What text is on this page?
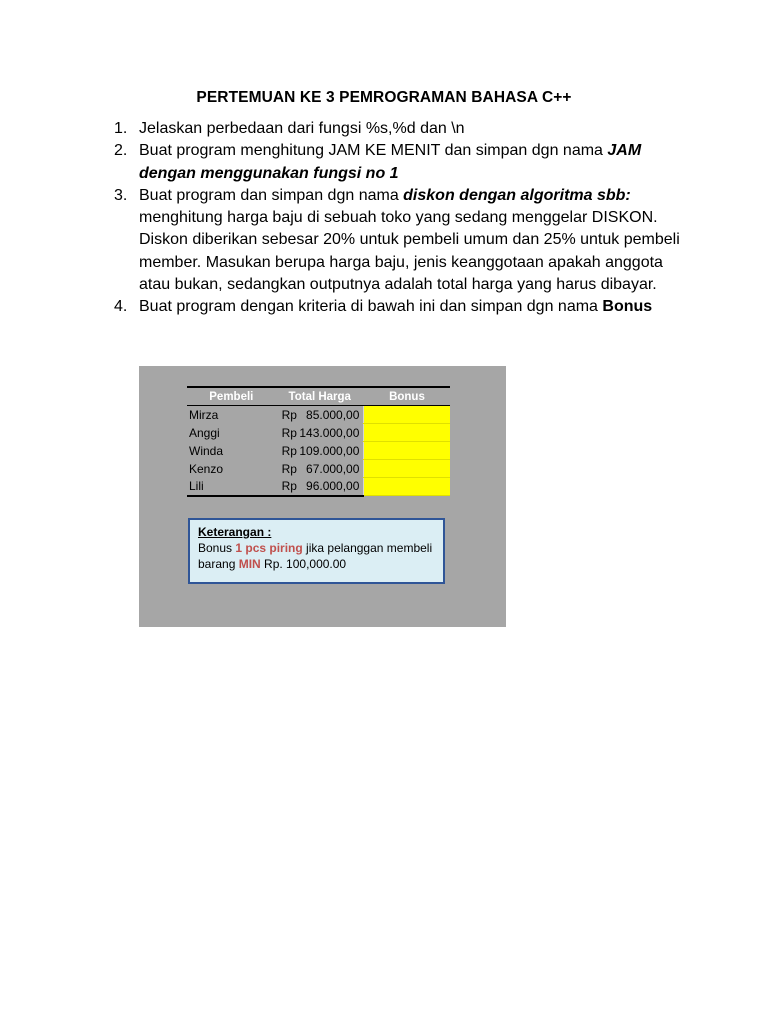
PERTEMUAN KE 3 PEMROGRAMAN BAHASA C++
1. Jelaskan perbedaan dari fungsi %s,%d dan \n
2. Buat program menghitung JAM KE MENIT dan simpan dgn nama JAM dengan menggunakan fungsi no 1
3. Buat program dan simpan dgn nama diskon dengan algoritma sbb: menghitung harga baju di sebuah toko yang sedang menggelar DISKON. Diskon diberikan sebesar 20% untuk pembeli umum dan 25% untuk pembeli member. Masukan berupa harga baju, jenis keanggotaan apakah anggota atau bukan, sedangkan outputnya adalah total harga yang harus dibayar.
4. Buat program dengan kriteria di bawah ini dan simpan dgn nama Bonus
Pembeli	Total Harga	Bonus
Mirza	Rp 85.000,00	

Anggi	Rp 143.000,00	

Winda	Rp 109.000,00	

Kenzo	Rp 67.000,00	

Lili	Rp 96.000,00	

Keterangan :
Bonus 1 pcs piring jika pelanggan membeli barang MIN Rp. 100,000.00
